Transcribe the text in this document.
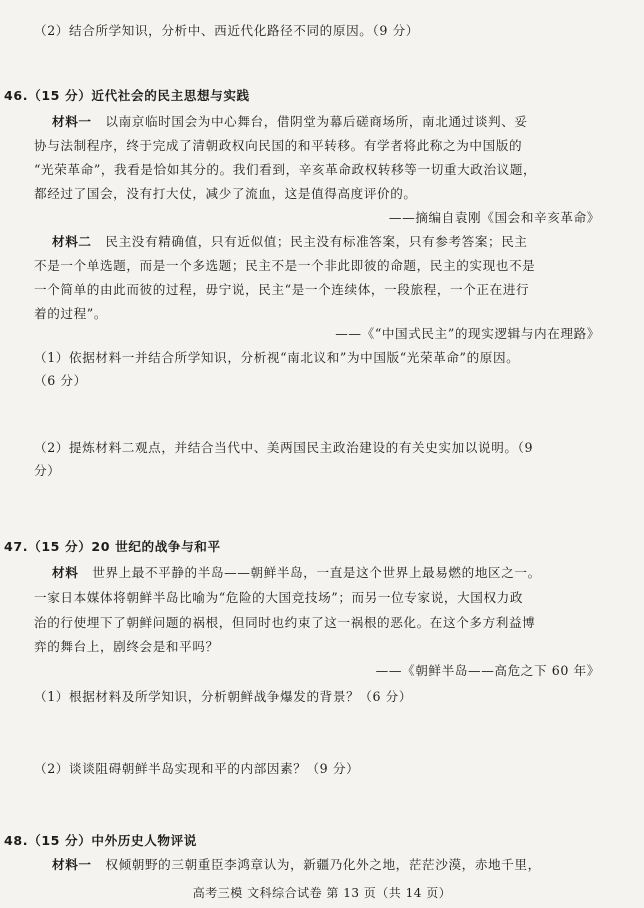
（2）结合所学知识，分析中、西近代化路径不同的原因。（9 分）
46.（15 分）近代社会的民主思想与实践
材料一 以南京临时国会为中心舞台，借阴堂为幕后磋商场所，南北通过谈判、妥
协与法制程序，终于完成了清朝政权向民国的和平转移。有学者将此称之为中国版的
“光荣革命”，我看是恰如其分的。我们看到，辛亥革命政权转移等一切重大政治议题，
都经过了国会，没有打大仗，减少了流血，这是值得高度评价的。
——摘编自袁刚《国会和辛亥革命》
材料二 民主没有精确值，只有近似值；民主没有标准答案，只有参考答案；民主
不是一个单选题，而是一个多选题；民主不是一个非此即彼的命题，民主的实现也不是
一个简单的由此而彼的过程，毋宁说，民主“是一个连续体，一段旅程，一个正在进行
着的过程”。
——《“中国式民主”的现实逻辑与内在理路》
（1）依据材料一并结合所学知识，分析视“南北议和”为中国版“光荣革命”的原因。
（6 分）
（2）提炼材料二观点，并结合当代中、美两国民主政治建设的有关史实加以说明。（9
分）
47.（15 分）20 世纪的战争与和平
材料 世界上最不平静的半岛——朝鲜半岛，一直是这个世界上最易燃的地区之一。
一家日本媒体将朝鲜半岛比喻为“危险的大国竞技场”；而另一位专家说，大国权力政
治的行使埋下了朝鲜问题的祸根，但同时也约束了这一祸根的恶化。在这个多方利益博
弈的舞台上，剧终会是和平吗？
——《朝鲜半岛——高危之下 60 年》
（1）根据材料及所学知识，分析朝鲜战争爆发的背景？（6 分）
（2）谈谈阻碍朝鲜半岛实现和平的内部因素？（9 分）
48.（15 分）中外历史人物评说
材料一 权倾朝野的三朝重臣李鸿章认为，新疆乃化外之地，茫茫沙漠，赤地千里，
高考三模 文科综合试卷 第 13 页（共 14 页）
